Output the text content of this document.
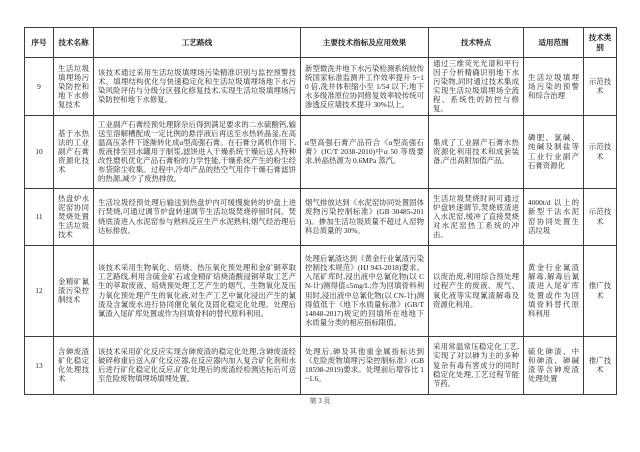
序号	技术名称	工艺路线	主要技术指标及应用效果	技术特点	适用范围	技术类别
9	生活垃圾填埋场污染防控和地下水修复技术	该技术通过采用生活垃圾填埋场污染精准识别与监控预警技术、填埋结构优化与快速稳定化和生活垃圾填埋场地下水污染风险评估与分级分区强化修复技术,实现生活垃圾填埋场污染防控和地下水修复。	新型微洗井地下水污染检测系统较传统国家标准监测井工作效率提升 5~10 倍,洗井体积缩小至 1/54 以下;地下水多级准原位协同修复效率较传统可渗透反应墙技术提升 30%以上。	通过三维荧光光谱和平行因子分析精确识别地下水污染物,同时通过技术集成实现生活垃圾填埋场全流程、系统性的防控与修复。	生活垃圾填埋场污染的预警和综合治理	示范技术
10	基于水热法的工业副产石膏资源化技术	工业副产石膏经预处理除杂后得到满足要求的二水硫酸钙,输送至溶解槽配成一定比例的悬浮液后再送至水热转晶釜,在高温高压条件下逐渐转化成α型高强石膏。在石膏分离机作用下,废液排至回水罐用于制浆,滤饼进入干燥系统干燥后送入特种改性磨机优化产品石膏粉的力学性能,干燥系统产生的粉尘经布袋除尘收集。过程中,冷却产品的热空气用作干燥石膏滤饼的热源,减少了废热排放。	α型高强石膏产品符合《α型高强石膏》(JC/T 2038-2010)中α 50 等级要求,转晶热源为 0.6MPa 蒸汽。	集成了工业副产石膏水热资源化利用技术和成套装备,产出高附加值产品。	磷肥、氯碱、纯碱及制盐等工业行业副产石膏资源化	示范技术
11	热盘炉水泥窑协同焚烧处置生活垃圾技术	生活垃圾经预处理后输送到热盘炉内可缓慢旋转的炉盘上进行焚烧,可通过调节炉盘转速调节生活垃圾焚烧停留时间。焚烧底渣进入水泥窑参与熟料反应生产水泥熟料,烟气经治理后达标排放。	烟气排放达到《水泥窑协同处置固体废物污染控制标准》(GB 30485-2013)。掺加生活垃圾质量不超过入窑物料总质量的 30%。	生活垃圾焚烧时间可通过炉盘转速调节,焚烧底渣进入水泥窑,缓冲了直接焚烧对水泥窑热工系统的冲击。	4000t/d 以上的新型干法水泥窑协同处置生活垃圾	示范技术
12	金精矿氰渣污染控制技术	该技术采用生物氧化、焙烧、热压氧化预处理和金矿铜萃取工艺路线,利用含硫金矿石或金精矿焙烧渣酸浸铜萃取工艺产生的萃取废液、焙烧预处理工艺产生的烟气、生物氧化及压力氧化预处理产生的氧化液,对生产工艺中氰化浸出产生的氰渣及含氰废水进行协同催化氧化及固化稳定化处理。处理后氰渣入尾矿库处置或作为回填骨料的替代原料利用。	处理后氰渣达到《黄金行业氰渣污染控制技术规范》(HJ 943-2018)要求。入尾矿库时,浸出液中总氰化物(以 CN-计)测得值≤5mg/L;作为回填骨料利用时,浸出液中总氰化物(以 CN-计)测得值低于《地下水质量标准》(GB/T 14848-2017)规定的回填所在地地下水质量分类的相应指标限值。	以废治废,利用综合预处理过程产生的废液、废气、氧化液等实现氰渣解毒及资源化利用。	黄金行业氰渣解毒,解毒后氰渣进入尾矿库处置或作为回填骨料替代原料利用	推广技术
13	含砷废渣矿化稳定化处理技术	该技术采用矿化反应实现含砷废渣的稳定化处理,含砷废渣经破碎称重后送入矿化反应器,在反应器内加入复合矿化剂和水后进行矿化稳定化反应,矿化处理后的废渣经检测达标后可送至危险废物填埋场填埋处置。	处理后,砷及其他重金属指标达到《危险废物填埋污染控制标准》(GB 18598-2019)要求。处理前后增容比 1~1.6。	采用常温常压稳定化工艺,实现了对以砷为主的多种复杂有毒有害成分的同时稳定化处理,工艺过程节能节药。	硫化砷渣、中和砷渣、砷碱渣等含砷废渣处理处置	推广技术
第 3 页
